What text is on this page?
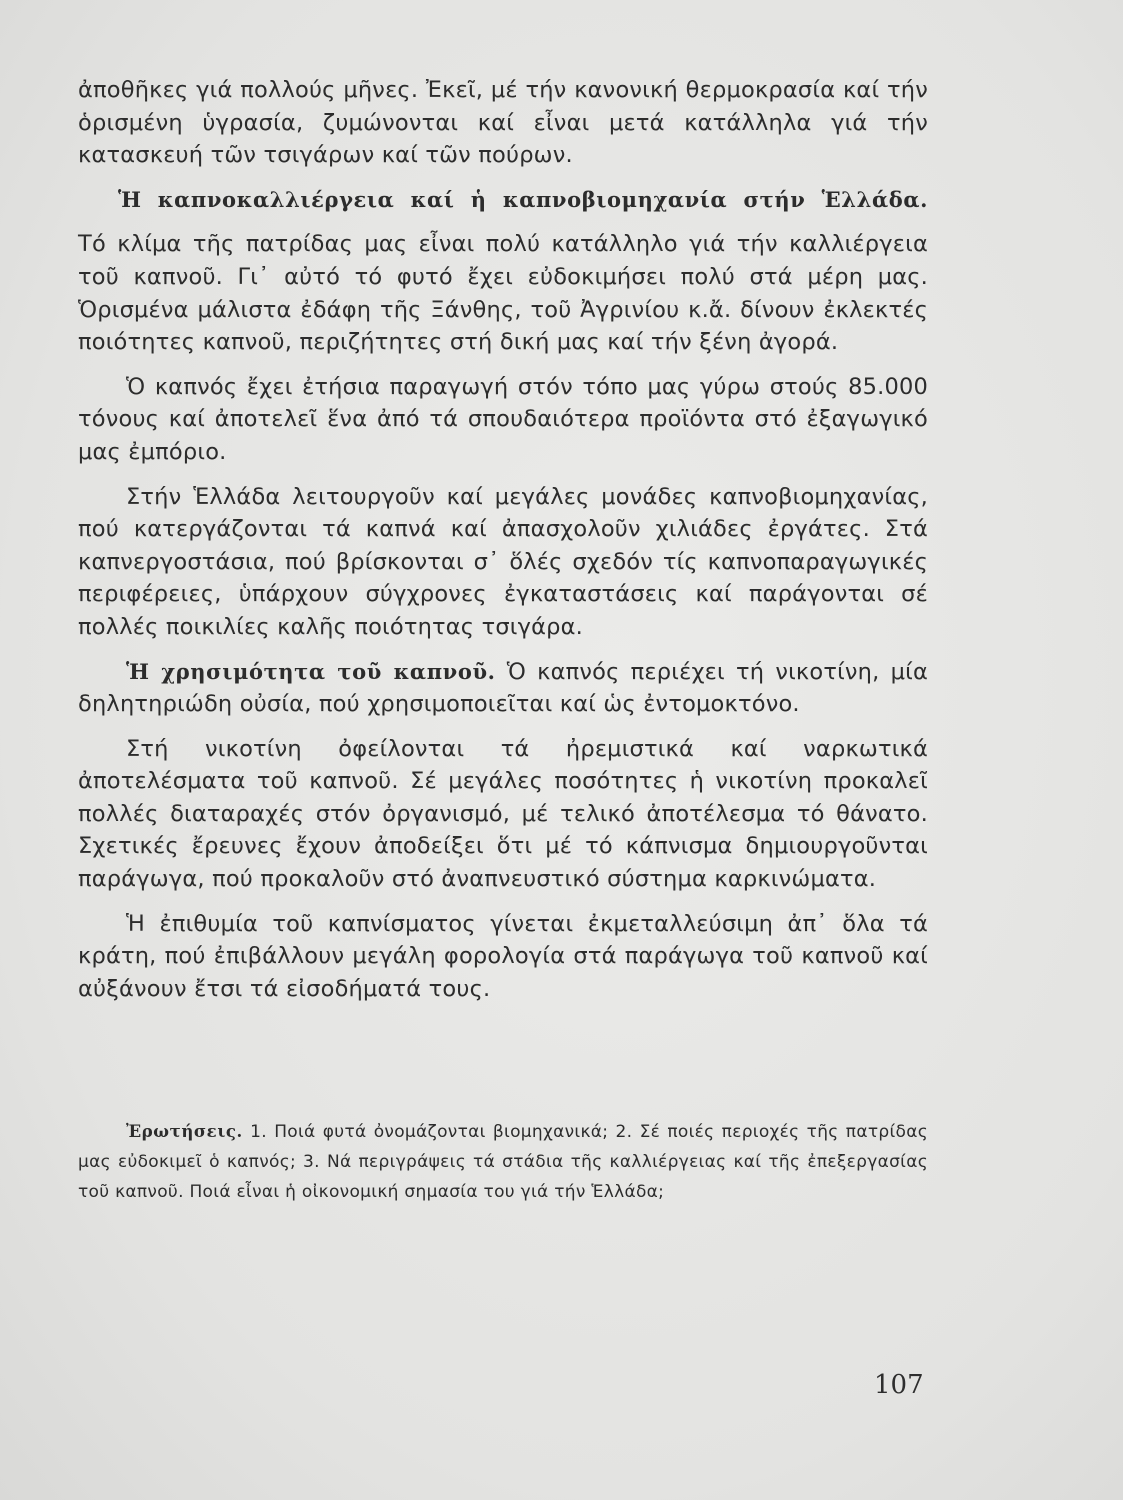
ἀποθῆκες γιά πολλούς μῆνες. Ἐκεῖ, μέ τήν κανονική θερμοκρασία καί τήν ὁρισμένη ὑγρασία, ζυμώνονται καί εἶναι μετά κατάλληλα γιά τήν κατασκευή τῶν τσιγάρων καί τῶν πούρων.

Ἡ καπνοκαλλιέργεια καί ἡ καπνοβιομηχανία στήν Ἑλλάδα.

Τό κλίμα τῆς πατρίδας μας εἶναι πολύ κατάλληλο γιά τήν καλλιέργεια τοῦ καπνοῦ. Γι᾿ αὐτό τό φυτό ἔχει εὐδοκιμήσει πολύ στά μέρη μας. Ὁρισμένα μάλιστα ἐδάφη τῆς Ξάνθης, τοῦ Ἀγρινίου κ.ἄ. δίνουν ἐκλεκτές ποιότητες καπνοῦ, περιζήτητες στή δική μας καί τήν ξένη ἀγορά.

Ὁ καπνός ἔχει ἐτήσια παραγωγή στόν τόπο μας γύρω στούς 85.000 τόνους καί ἀποτελεῖ ἕνα ἀπό τά σπουδαιότερα προϊόντα στό ἐξαγωγικό μας ἐμπόριο.

Στήν Ἑλλάδα λειτουργοῦν καί μεγάλες μονάδες καπνοβιομηχανίας, πού κατεργάζονται τά καπνά καί ἀπασχολοῦν χιλιάδες ἐργάτες. Στά καπνεργοστάσια, πού βρίσκονται σ᾿ ὅλές σχεδόν τίς καπνοπαραγωγικές περιφέρειες, ὑπάρχουν σύγχρονες ἐγκαταστάσεις καί παράγονται σέ πολλές ποικιλίες καλῆς ποιότητας τσιγάρα.

Ἡ χρησιμότητα τοῦ καπνοῦ. Ὁ καπνός περιέχει τή νικοτίνη, μία δηλητηριώδη οὐσία, πού χρησιμοποιεῖται καί ὡς ἐντομοκτόνο.

Στή νικοτίνη ὀφείλονται τά ἠρεμιστικά καί ναρκωτικά ἀποτελέσματα τοῦ καπνοῦ. Σέ μεγάλες ποσότητες ἡ νικοτίνη προκαλεῖ πολλές διαταραχές στόν ὀργανισμό, μέ τελικό ἀποτέλεσμα τό θάνατο. Σχετικές ἔρευνες ἔχουν ἀποδείξει ὅτι μέ τό κάπνισμα δημιουργοῦνται παράγωγα, πού προκαλοῦν στό ἀναπνευστικό σύστημα καρκινώματα.

Ἡ ἐπιθυμία τοῦ καπνίσματος γίνεται ἐκμεταλλεύσιμη ἀπ᾿ ὅλα τά κράτη, πού ἐπιβάλλουν μεγάλη φορολογία στά παράγωγα τοῦ καπνοῦ καί αὐξάνουν ἔτσι τά εἰσοδήματά τους.

Ἐρωτήσεις. 1. Ποιά φυτά ὀνομάζονται βιομηχανικά; 2. Σέ ποιές περιοχές τῆς πατρίδας μας εὐδοκιμεῖ ὁ καπνός; 3. Νά περιγράψεις τά στάδια τῆς καλλιέργειας καί τῆς ἐπεξεργασίας τοῦ καπνοῦ. Ποιά εἶναι ἡ οἰκονομική σημασία του γιά τήν Ἑλλάδα;
107
